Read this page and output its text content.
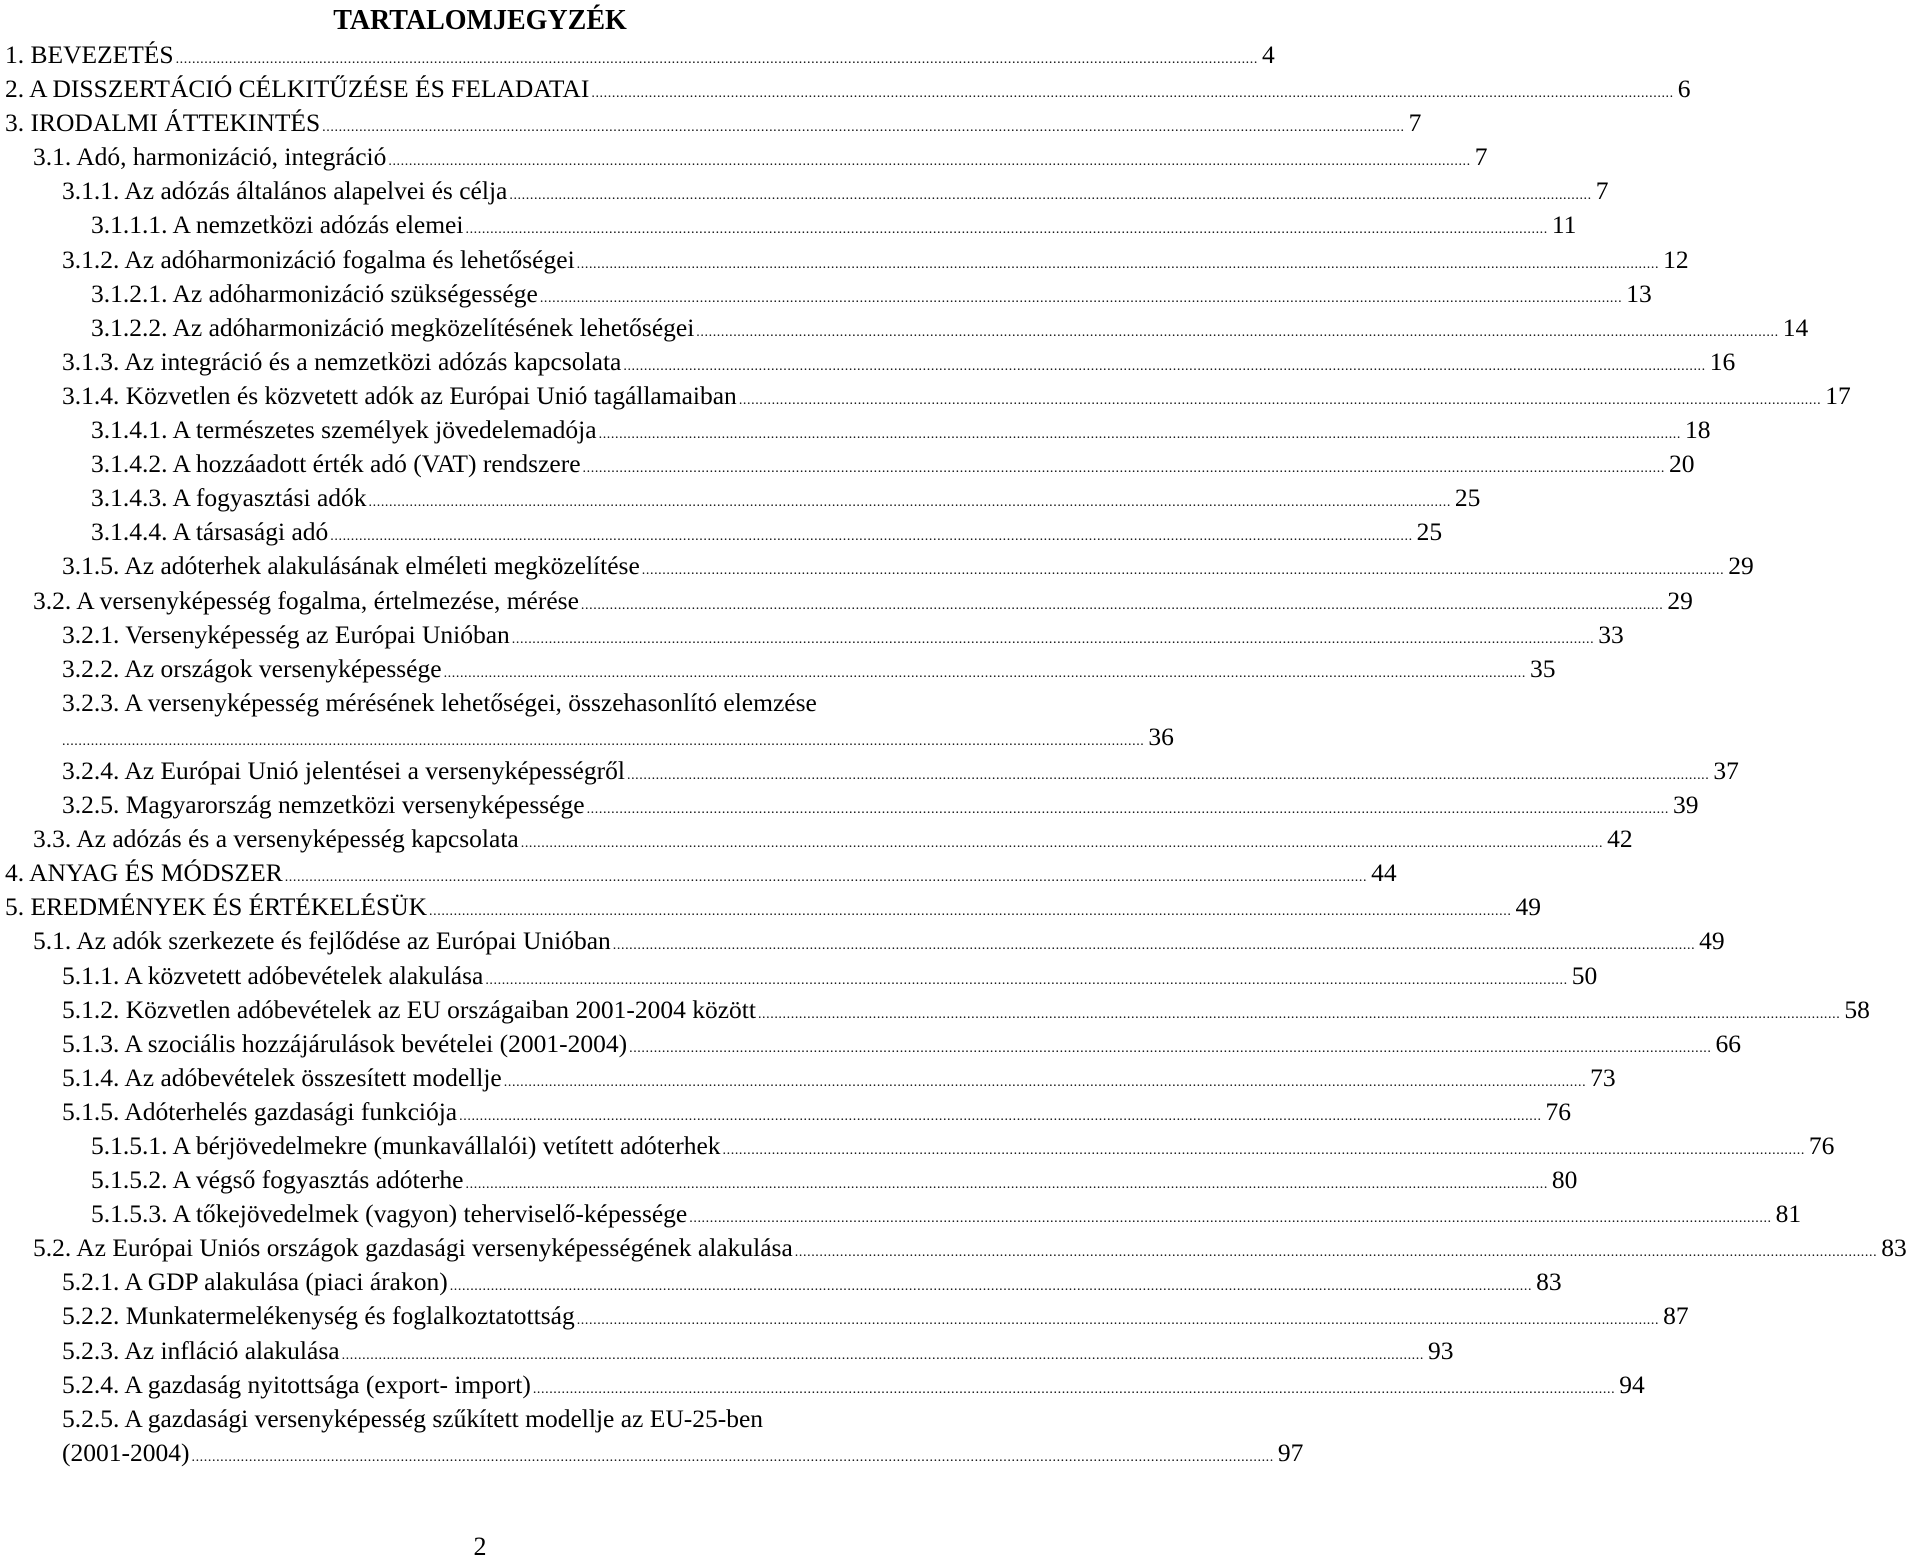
TARTALOMJEGYZÉK
1. BEVEZETÉS ........................................................................................................................................................................................................................................................................ 4
2. A DISSZERTÁCIÓ CÉLKITŰZÉSE ÉS FELADATAI ........................................................................................................................................................................................................................................................................ 6
3. IRODALMI ÁTTEKINTÉS ........................................................................................................................................................................................................................................................................ 7
3.1. Adó, harmonizáció, integráció ........................................................................................................................................................................................................................................................................ 7
3.1.1. Az adózás általános alapelvei és célja ........................................................................................................................................................................................................................................................................ 7
3.1.1.1. A nemzetközi adózás elemei ........................................................................................................................................................................................................................................................................ 11
3.1.2. Az adóharmonizáció fogalma és lehetőségei ........................................................................................................................................................................................................................................................................ 12
3.1.2.1. Az adóharmonizáció szükségessége ........................................................................................................................................................................................................................................................................ 13
3.1.2.2. Az adóharmonizáció megközelítésének lehetőségei ........................................................................................................................................................................................................................................................................ 14
3.1.3. Az integráció és a nemzetközi adózás kapcsolata ........................................................................................................................................................................................................................................................................ 16
3.1.4. Közvetlen és közvetett adók az Európai Unió tagállamaiban ........................................................................................................................................................................................................................................................................ 17
3.1.4.1. A természetes személyek jövedelemadója ........................................................................................................................................................................................................................................................................ 18
3.1.4.2. A hozzáadott érték adó (VAT) rendszere ........................................................................................................................................................................................................................................................................ 20
3.1.4.3. A fogyasztási adók ........................................................................................................................................................................................................................................................................ 25
3.1.4.4. A társasági adó ........................................................................................................................................................................................................................................................................ 25
3.1.5. Az adóterhek alakulásának elméleti megközelítése ........................................................................................................................................................................................................................................................................ 29
3.2. A versenyképesség fogalma, értelmezése, mérése ........................................................................................................................................................................................................................................................................ 29
3.2.1. Versenyképesség az Európai Unióban ........................................................................................................................................................................................................................................................................ 33
3.2.2. Az országok versenyképessége ........................................................................................................................................................................................................................................................................ 35
3.2.3. A versenyképesség mérésének lehetőségei, összehasonlító elemzése
........................................................................................................................................................................................................................................................................ 36
3.2.4. Az Európai Unió jelentései a versenyképességről ........................................................................................................................................................................................................................................................................ 37
3.2.5. Magyarország nemzetközi versenyképessége ........................................................................................................................................................................................................................................................................ 39
3.3. Az adózás és a versenyképesség kapcsolata ........................................................................................................................................................................................................................................................................ 42
4. ANYAG ÉS MÓDSZER ........................................................................................................................................................................................................................................................................ 44
5. EREDMÉNYEK ÉS ÉRTÉKELÉSÜK ........................................................................................................................................................................................................................................................................ 49
5.1. Az adók szerkezete és fejlődése az Európai Unióban ........................................................................................................................................................................................................................................................................ 49
5.1.1. A közvetett adóbevételek alakulása ........................................................................................................................................................................................................................................................................ 50
5.1.2. Közvetlen adóbevételek az EU országaiban 2001-2004 között ........................................................................................................................................................................................................................................................................ 58
5.1.3. A szociális hozzájárulások bevételei (2001-2004) ........................................................................................................................................................................................................................................................................ 66
5.1.4. Az adóbevételek összesített modellje ........................................................................................................................................................................................................................................................................ 73
5.1.5. Adóterhelés gazdasági funkciója ........................................................................................................................................................................................................................................................................ 76
5.1.5.1. A bérjövedelmekre (munkavállalói) vetített adóterhek ........................................................................................................................................................................................................................................................................ 76
5.1.5.2. A végső fogyasztás adóterhe ........................................................................................................................................................................................................................................................................ 80
5.1.5.3. A tőkejövedelmek (vagyon) teherviselő-képessége ........................................................................................................................................................................................................................................................................ 81
5.2. Az Európai Uniós országok gazdasági versenyképességének alakulása ........................................................................................................................................................................................................................................................................ 83
5.2.1. A GDP alakulása (piaci árakon) ........................................................................................................................................................................................................................................................................ 83
5.2.2. Munkatermelékenység és foglalkoztatottság ........................................................................................................................................................................................................................................................................ 87
5.2.3. Az infláció alakulása ........................................................................................................................................................................................................................................................................ 93
5.2.4. A gazdaság nyitottsága (export- import) ........................................................................................................................................................................................................................................................................ 94
5.2.5. A gazdasági versenyképesség szűkített modellje az EU-25-ben
(2001-2004) ........................................................................................................................................................................................................................................................................ 97
2
